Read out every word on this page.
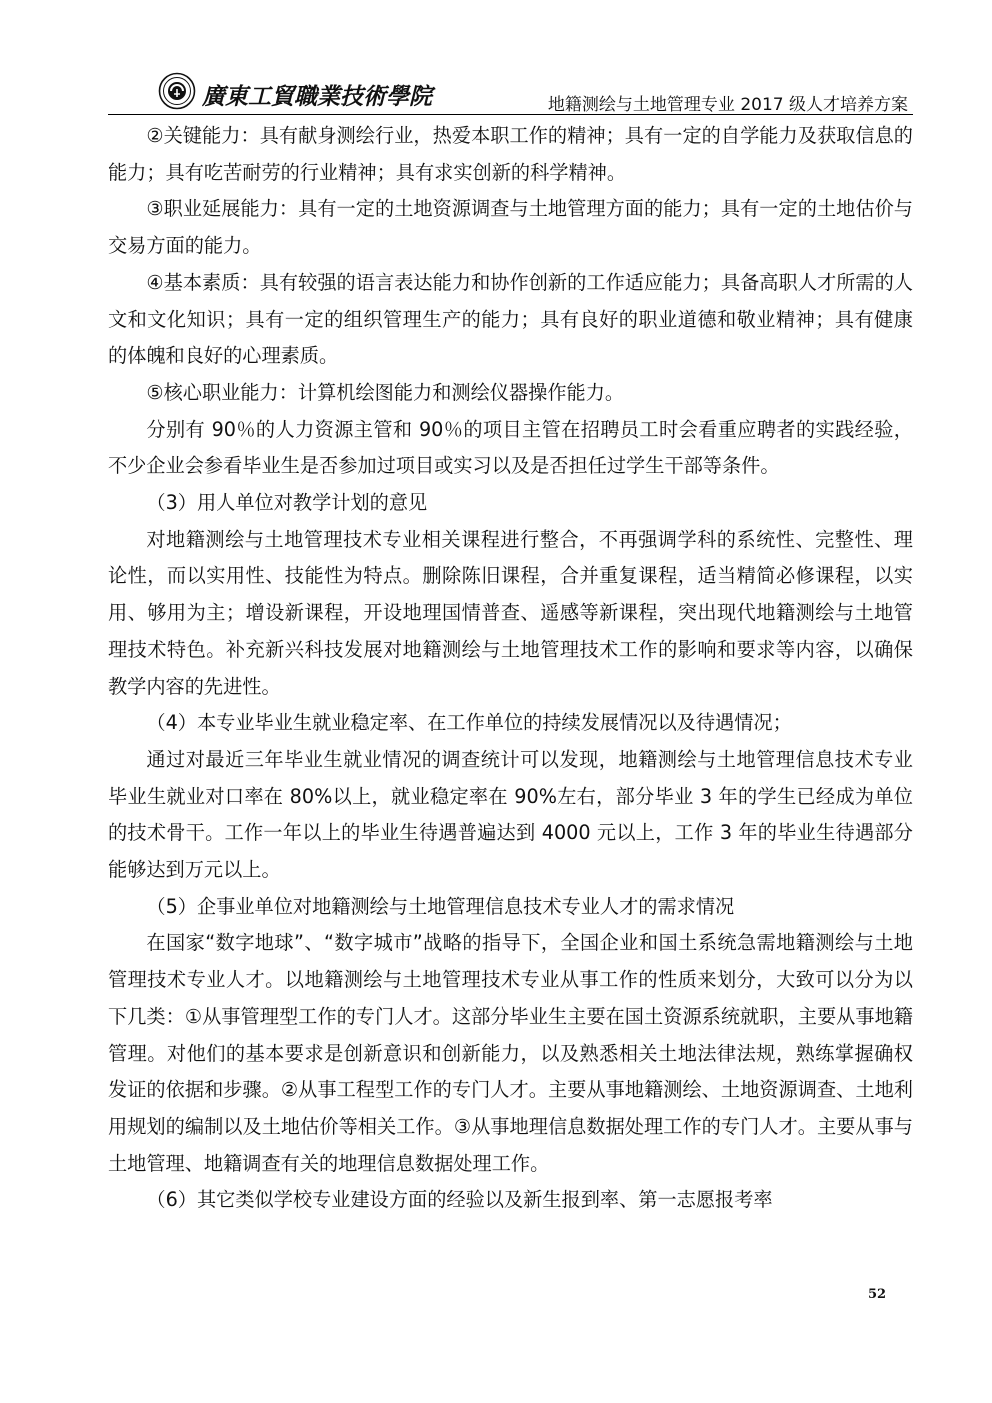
廣東工貿職業技術學院	地籍测绘与土地管理专业 2017 级人才培养方案

②关键能力：具有献身测绘行业，热爱本职工作的精神；具有一定的自学能力及获取信息的能力；具有吃苦耐劳的行业精神；具有求实创新的科学精神。

③职业延展能力：具有一定的土地资源调查与土地管理方面的能力；具有一定的土地估价与交易方面的能力。

④基本素质：具有较强的语言表达能力和协作创新的工作适应能力；具备高职人才所需的人文和文化知识；具有一定的组织管理生产的能力；具有良好的职业道德和敬业精神；具有健康的体魄和良好的心理素质。

⑤核心职业能力：计算机绘图能力和测绘仪器操作能力。

分别有 90％的人力资源主管和 90％的项目主管在招聘员工时会看重应聘者的实践经验，不少企业会参看毕业生是否参加过项目或实习以及是否担任过学生干部等条件。

（3）用人单位对教学计划的意见

对地籍测绘与土地管理技术专业相关课程进行整合，不再强调学科的系统性、完整性、理论性，而以实用性、技能性为特点。删除陈旧课程，合并重复课程，适当精简必修课程，以实用、够用为主；增设新课程，开设地理国情普查、遥感等新课程，突出现代地籍测绘与土地管理技术特色。补充新兴科技发展对地籍测绘与土地管理技术工作的影响和要求等内容，以确保教学内容的先进性。

（4）本专业毕业生就业稳定率、在工作单位的持续发展情况以及待遇情况；

通过对最近三年毕业生就业情况的调查统计可以发现，地籍测绘与土地管理信息技术专业毕业生就业对口率在 80%以上，就业稳定率在 90%左右，部分毕业 3 年的学生已经成为单位的技术骨干。工作一年以上的毕业生待遇普遍达到 4000 元以上，工作 3 年的毕业生待遇部分能够达到万元以上。

（5）企事业单位对地籍测绘与土地管理信息技术专业人才的需求情况

在国家“数字地球”、“数字城市”战略的指导下，全国企业和国土系统急需地籍测绘与土地管理技术专业人才。以地籍测绘与土地管理技术专业从事工作的性质来划分，大致可以分为以下几类：①从事管理型工作的专门人才。这部分毕业生主要在国土资源系统就职，主要从事地籍管理。对他们的基本要求是创新意识和创新能力，以及熟悉相关土地法律法规，熟练掌握确权发证的依据和步骤。②从事工程型工作的专门人才。主要从事地籍测绘、土地资源调查、土地利用规划的编制以及土地估价等相关工作。③从事地理信息数据处理工作的专门人才。主要从事与土地管理、地籍调查有关的地理信息数据处理工作。

（6）其它类似学校专业建设方面的经验以及新生报到率、第一志愿报考率

52
